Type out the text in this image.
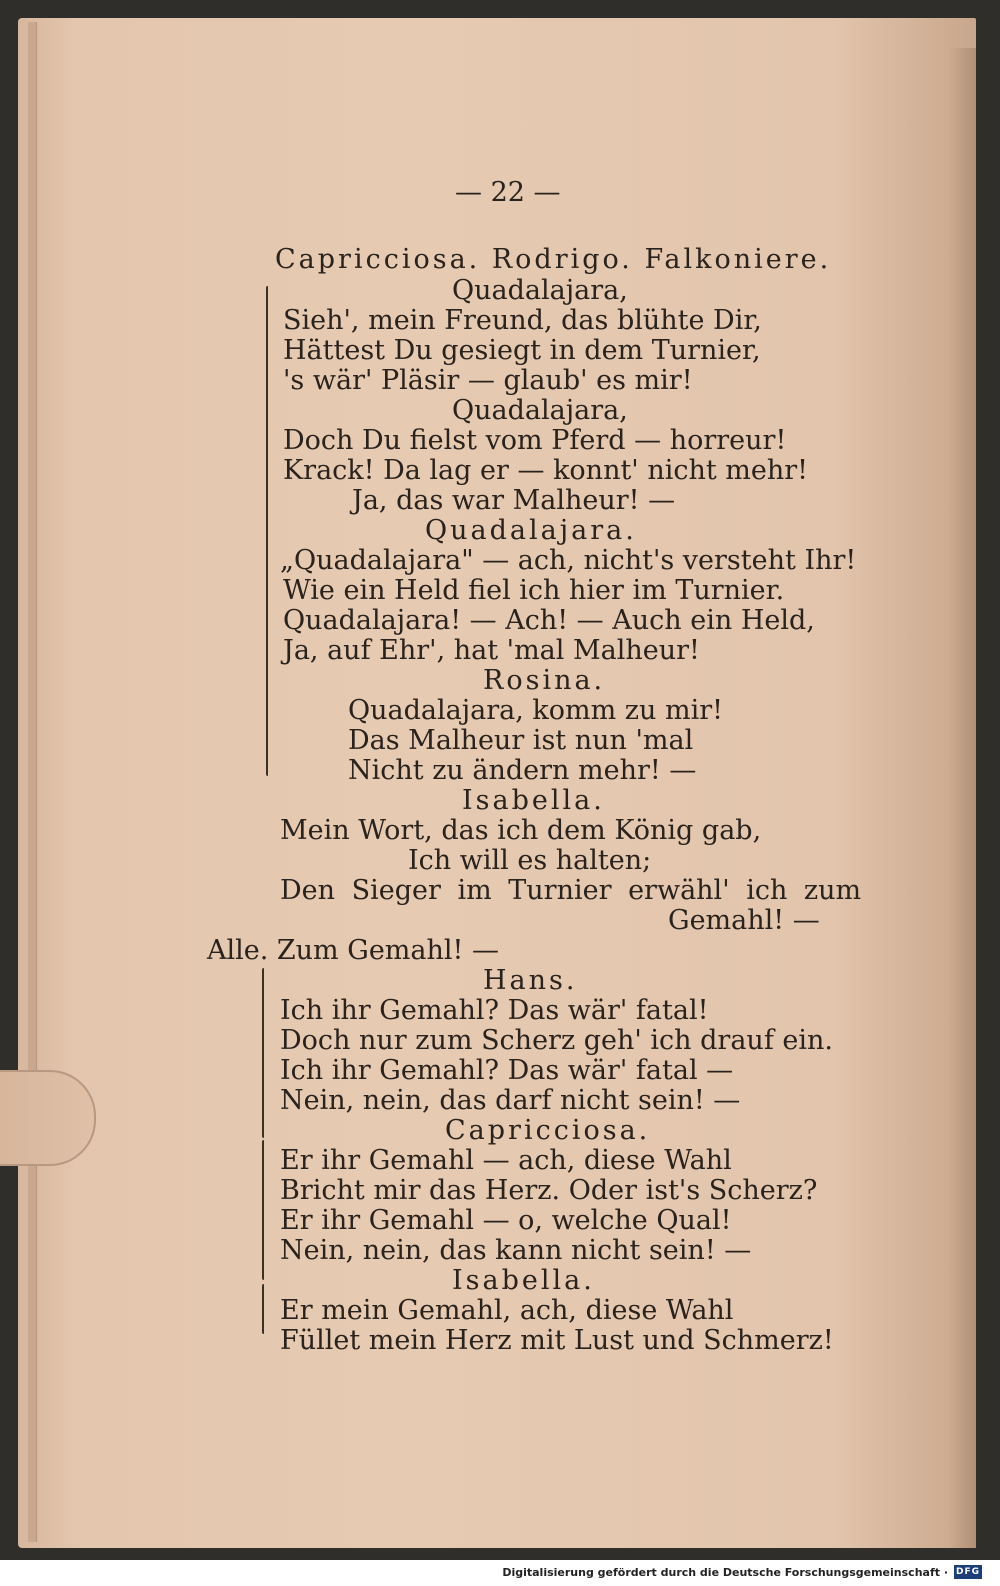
— 22 —
Capricciosa. Rodrigo. Falkoniere.
Quadalajara,
Sieh', mein Freund, das blühte Dir,
Hättest Du gesiegt in dem Turnier,
's wär' Pläsir — glaub' es mir!
Quadalajara,
Doch Du fielst vom Pferd — horreur!
Krack! Da lag er — konnt' nicht mehr!
Ja, das war Malheur! —
Quadalajara.
„Quadalajara" — ach, nicht's versteht Ihr!
Wie ein Held fiel ich hier im Turnier.
Quadalajara! — Ach! — Auch ein Held,
Ja, auf Ehr', hat 'mal Malheur!
Rosina.
Quadalajara, komm zu mir!
Das Malheur ist nun 'mal
Nicht zu ändern mehr! —
Isabella.
Mein Wort, das ich dem König gab,
Ich will es halten;
Den Sieger im Turnier erwähl' ich zum
Gemahl! —
Alle. Zum Gemahl! —
Hans.
Ich ihr Gemahl? Das wär' fatal!
Doch nur zum Scherz geh' ich drauf ein.
Ich ihr Gemahl? Das wär' fatal —
Nein, nein, das darf nicht sein! —
Capricciosa.
Er ihr Gemahl — ach, diese Wahl
Bricht mir das Herz. Oder ist's Scherz?
Er ihr Gemahl — o, welche Qual!
Nein, nein, das kann nicht sein! —
Isabella.
Er mein Gemahl, ach, diese Wahl
Füllet mein Herz mit Lust und Schmerz!
Digitalisierung gefördert durch die Deutsche Forschungsgemeinschaft · DFG
